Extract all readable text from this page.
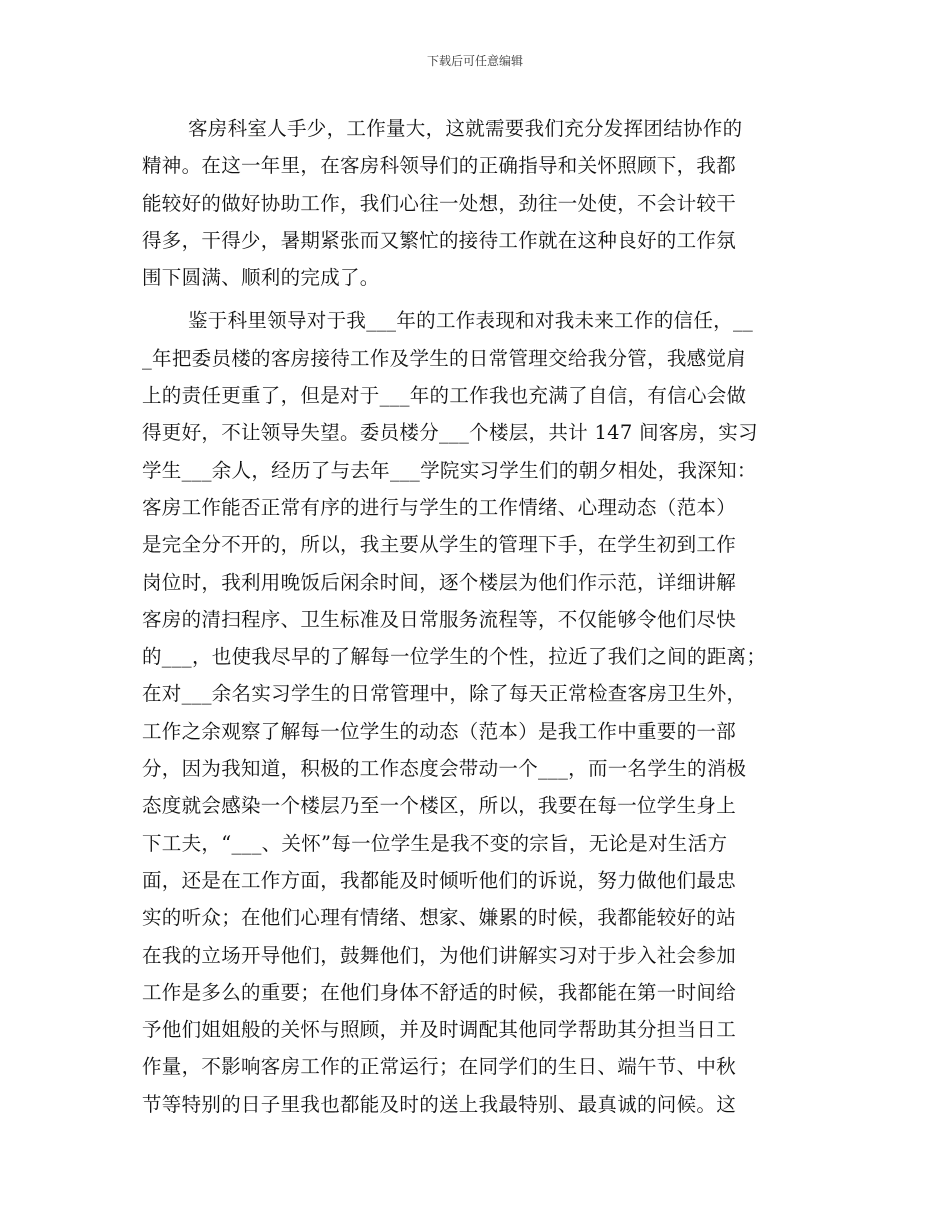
下载后可任意编辑
客房科室人手少，工作量大，这就需要我们充分发挥团结协作的
精神。在这一年里，在客房科领导们的正确指导和关怀照顾下，我都
能较好的做好协助工作，我们心往一处想，劲往一处使，不会计较干
得多，干得少，暑期紧张而又繁忙的接待工作就在这种良好的工作氛
围下圆满、顺利的完成了。
鉴于科里领导对于我___年的工作表现和对我未来工作的信任，__
_年把委员楼的客房接待工作及学生的日常管理交给我分管，我感觉肩
上的责任更重了，但是对于___年的工作我也充满了自信，有信心会做
得更好，不让领导失望。委员楼分___个楼层，共计 147 间客房，实习
学生___余人，经历了与去年___学院实习学生们的朝夕相处，我深知：
客房工作能否正常有序的进行与学生的工作情绪、心理动态（范本）
是完全分不开的，所以，我主要从学生的管理下手，在学生初到工作
岗位时，我利用晚饭后闲余时间，逐个楼层为他们作示范，详细讲解
客房的清扫程序、卫生标准及日常服务流程等，不仅能够令他们尽快
的___，也使我尽早的了解每一位学生的个性，拉近了我们之间的距离；
在对___余名实习学生的日常管理中，除了每天正常检查客房卫生外，
工作之余观察了解每一位学生的动态（范本）是我工作中重要的一部
分，因为我知道，积极的工作态度会带动一个___，而一名学生的消极
态度就会感染一个楼层乃至一个楼区，所以，我要在每一位学生身上
下工夫，“___、关怀”每一位学生是我不变的宗旨，无论是对生活方
面，还是在工作方面，我都能及时倾听他们的诉说，努力做他们最忠
实的听众；在他们心理有情绪、想家、嫌累的时候，我都能较好的站
在我的立场开导他们，鼓舞他们，为他们讲解实习对于步入社会参加
工作是多么的重要；在他们身体不舒适的时候，我都能在第一时间给
予他们姐姐般的关怀与照顾，并及时调配其他同学帮助其分担当日工
作量，不影响客房工作的正常运行；在同学们的生日、端午节、中秋
节等特别的日子里我也都能及时的送上我最特别、最真诚的问候。这
